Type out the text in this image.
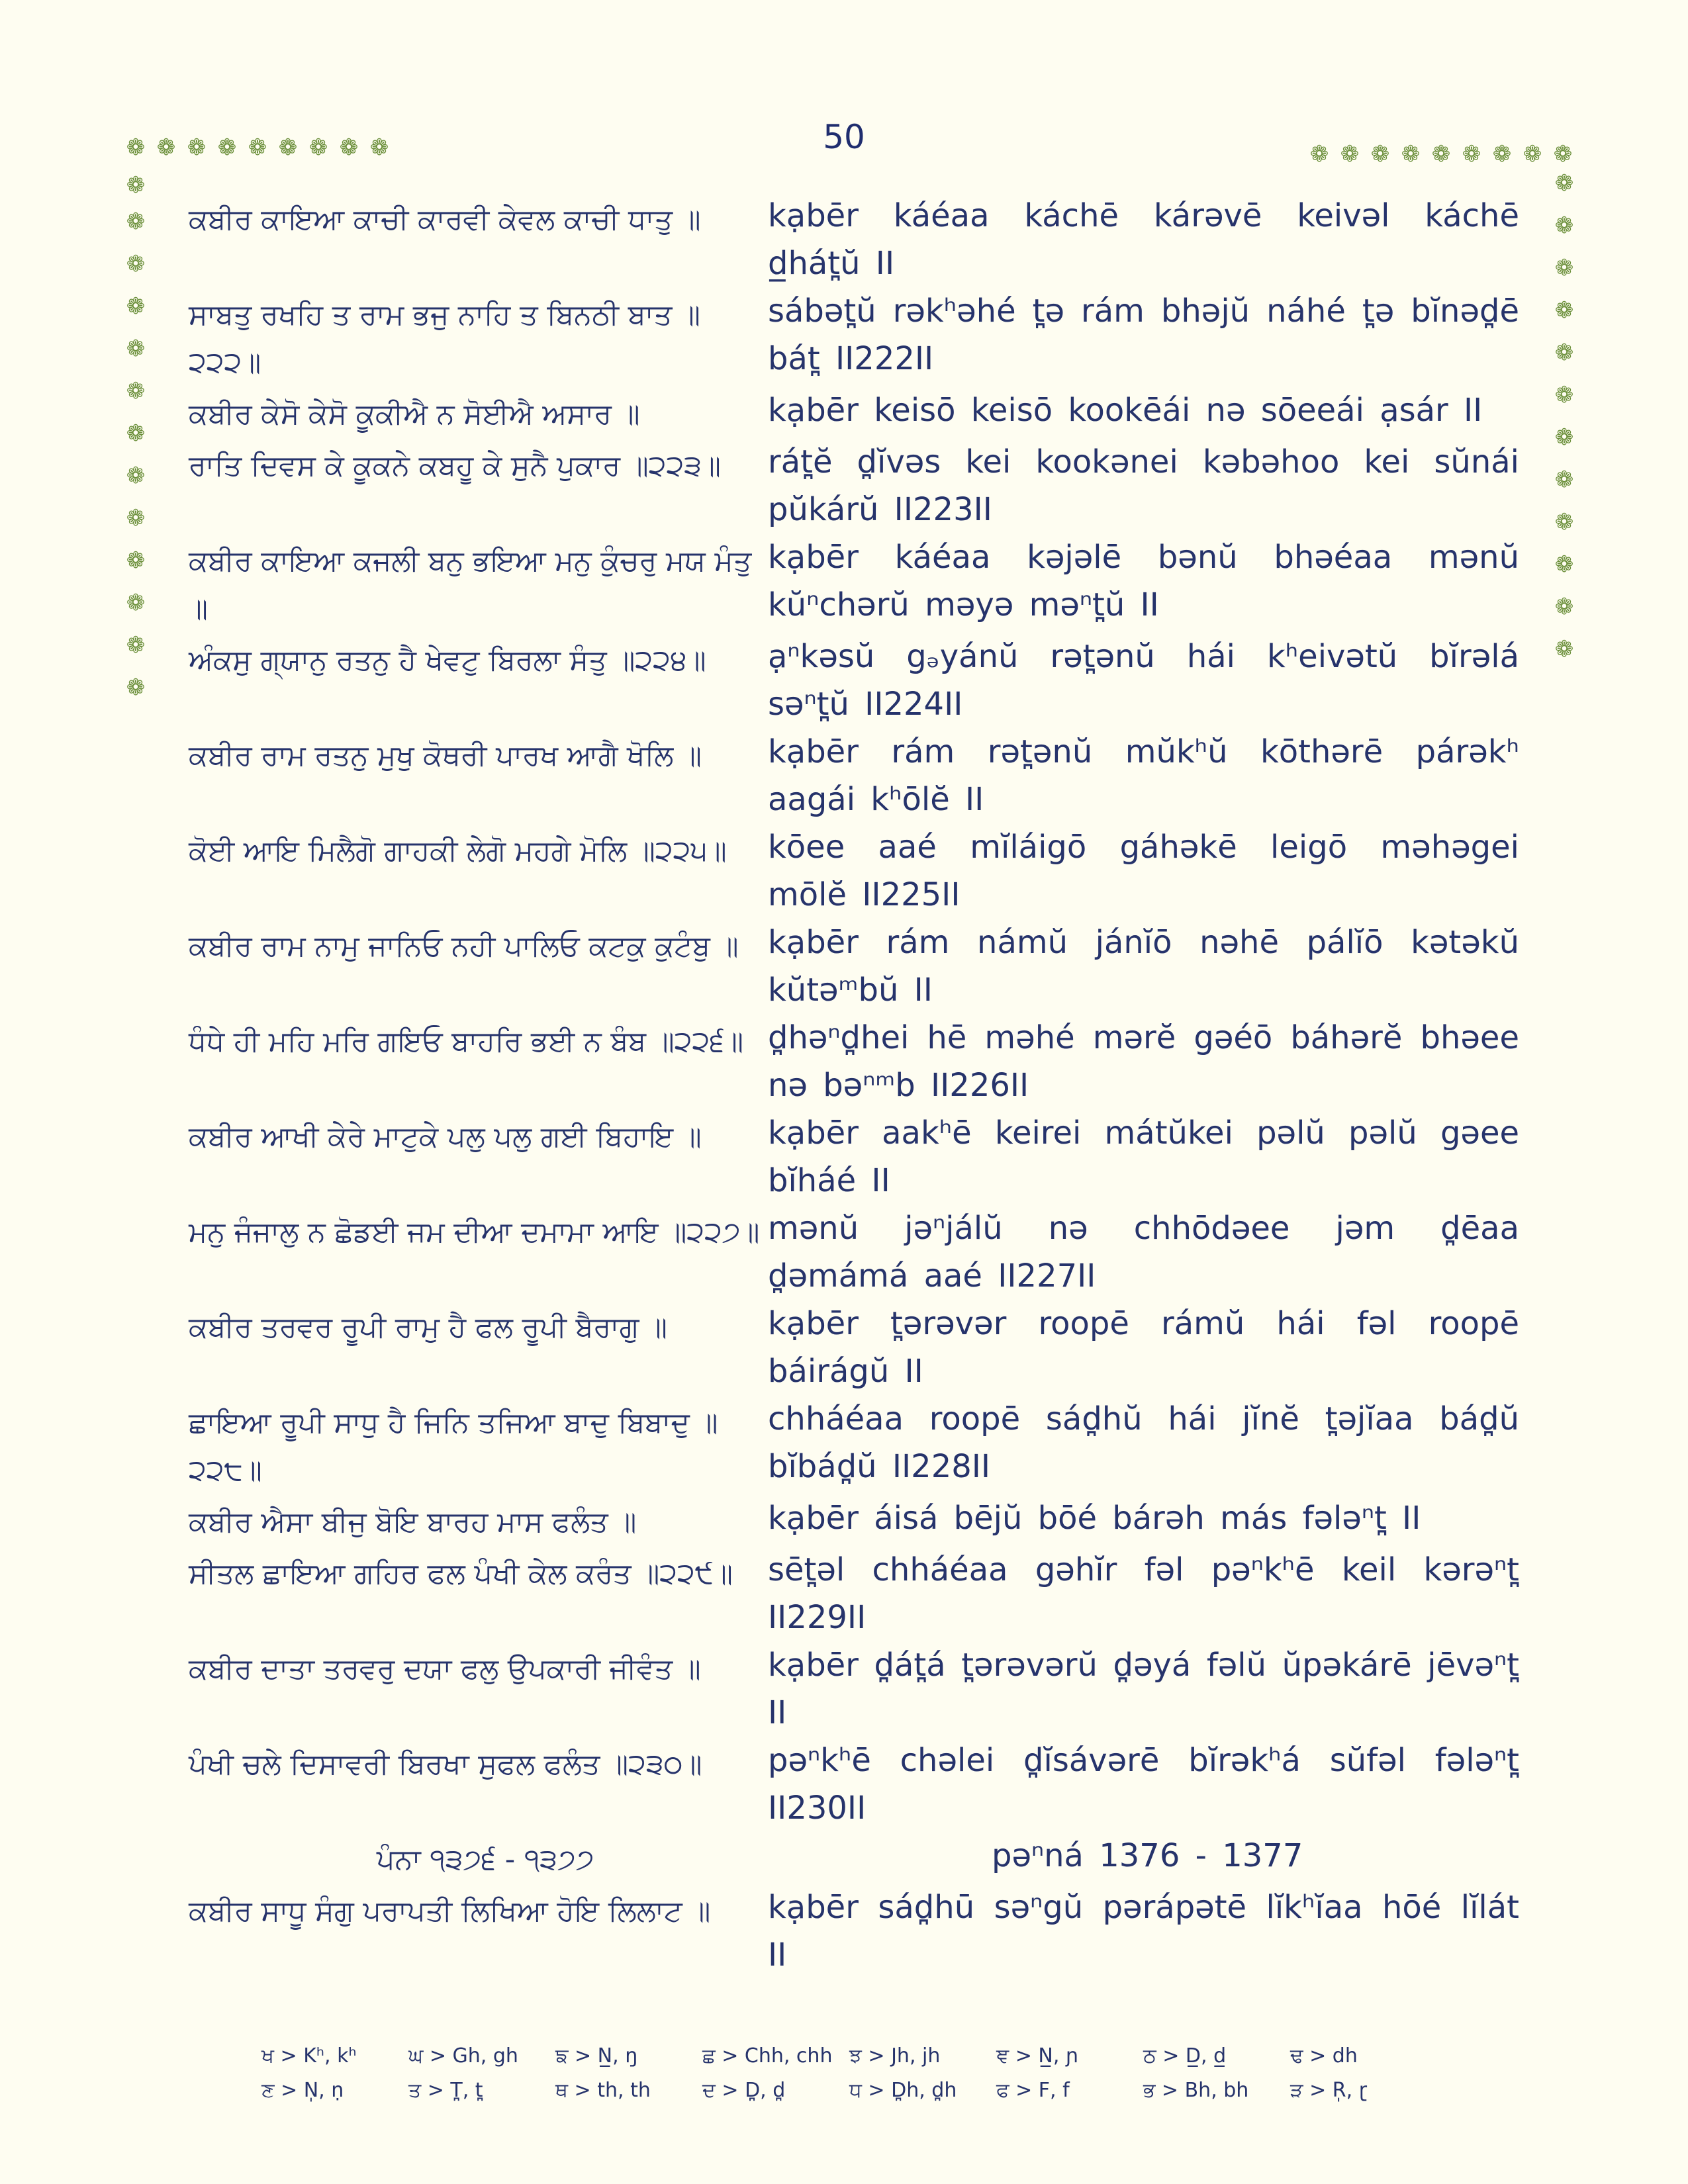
50
❁ ❁ ❁ ❁ ❁ ❁ ❁ ❁ ❁
❁
❁
❁
❁
❁
❁
❁
❁
❁
❁
❁
❁
❁
❁ ❁ ❁ ❁ ❁ ❁ ❁ ❁ ❁
❁
❁
❁
❁
❁
❁
❁
❁
❁
❁
❁
❁
ਕਬੀਰ ਕਾਇਆ ਕਾਚੀ ਕਾਰਵੀ ਕੇਵਲ ਕਾਚੀ ਧਾਤੁ ॥	kạbēr káéaa káchē kárəvē keivəl káchē d̲hát̪ŭ II
ਸਾਬਤੁ ਰਖਹਿ ਤ ਰਾਮ ਭਜੁ ਨਾਹਿ ਤ ਬਿਨਠੀ ਬਾਤ ॥੨੨੨॥
sábət̪ŭ rəkʰəhé t̪ə rám bhəjŭ náhé t̪ə bĭnəd̪ē bát̪ II222II
ਕਬੀਰ ਕੇਸੋ ਕੇਸੋ ਕੂਕੀਐ ਨ ਸੋਈਐ ਅਸਾਰ ॥	kạbēr keisō keisō kookēái nə sōeeái ạsár II
ਰਾਤਿ ਦਿਵਸ ਕੇ ਕੂਕਨੇ ਕਬਹੂ ਕੇ ਸੁਨੈ ਪੁਕਾਰ ॥੨੨੩॥	rát̪ĕ d̪ĭvəs kei kookənei kəbəhoo kei sŭnái pŭkárŭ II223II
ਕਬੀਰ ਕਾਇਆ ਕਜਲੀ ਬਨੁ ਭਇਆ ਮਨੁ ਕੁੰਚਰੁ ਮਯ ਮੰਤੁ ॥
kạbēr káéaa kəjəlē bənŭ bhəéaa mənŭ kŭⁿchərŭ məyə məⁿt̪ŭ II
ਅੰਕਸੁ ਗ੍ਯਾਨੁ ਰਤਨੁ ਹੈ ਖੇਵਟੁ ਬਿਰਲਾ ਸੰਤੁ ॥੨੨੪॥	ạⁿkəsŭ gₔyánŭ rət̪ənŭ hái kʰeivətŭ bĭrəlá səⁿt̪ŭ II224II
ਕਬੀਰ ਰਾਮ ਰਤਨੁ ਮੁਖੁ ਕੋਥਰੀ ਪਾਰਖ ਆਗੈ ਖੋਲਿ ॥	kạbēr rám rət̪ənŭ mŭkʰŭ kōthərē párəkʰ aagái kʰōlĕ II
ਕੋਈ ਆਇ ਮਿਲੈਗੋ ਗਾਹਕੀ ਲੇਗੋ ਮਹਗੇ ਮੋਲਿ ॥੨੨੫॥	kōee aaé mĭláigō gáhəkē leigō məhəgei mōlĕ II225II
ਕਬੀਰ ਰਾਮ ਨਾਮੁ ਜਾਨਿਓ ਨਹੀ ਪਾਲਿਓ ਕਟਕੁ ਕੁਟੰਬੁ ॥ kạbēr rám námŭ jánĭō nəhē pálĭō kətəkŭ kŭtəᵐbŭ II
ਧੰਧੇ ਹੀ ਮਹਿ ਮਰਿ ਗਇਓ ਬਾਹਰਿ ਭਈ ਨ ਬੰਬ ॥੨੨੬॥ d̪həⁿd̪hei hē məhé mərĕ gəéō báhərĕ bhəee nə bəⁿᵐb II226II
ਕਬੀਰ ਆਖੀ ਕੇਰੇ ਮਾਟੁਕੇ ਪਲੁ ਪਲੁ ਗਈ ਬਿਹਾਇ ॥	kạbēr aakʰē keirei mátŭkei pəlŭ pəlŭ gəee bĭháé II
ਮਨੁ ਜੰਜਾਲੁ ਨ ਛੋਡਈ ਜਮ ਦੀਆ ਦਮਾਮਾ ਆਇ ॥੨੨੭॥ mənŭ jəⁿjálŭ nə chhōdəee jəm d̪ēaa d̪əmámá aaé II227II
ਕਬੀਰ ਤਰਵਰ ਰੂਪੀ ਰਾਮੁ ਹੈ ਫਲ ਰੂਪੀ ਬੈਰਾਗੁ ॥	kạbēr t̪ərəvər roopē rámŭ hái fəl roopē báirágŭ II
ਛਾਇਆ ਰੂਪੀ ਸਾਧੁ ਹੈ ਜਿਨਿ ਤਜਿਆ ਬਾਦੁ ਬਿਬਾਦੁ ॥੨੨੮॥
chháéaa roopē sád̪hŭ hái jĭnĕ t̪əjĭaa bád̪ŭ bĭbád̪ŭ II228II
ਕਬੀਰ ਐਸਾ ਬੀਜੁ ਬੋਇ ਬਾਰਹ ਮਾਸ ਫਲੰਤ ॥	kạbēr áisá bējŭ bōé bárəh más fələⁿt̪ II
ਸੀਤਲ ਛਾਇਆ ਗਹਿਰ ਫਲ ਪੰਖੀ ਕੇਲ ਕਰੰਤ ॥੨੨੯॥	sēt̪əl chháéaa gəhĭr fəl pəⁿkʰē keil kərəⁿt̪ II229II
ਕਬੀਰ ਦਾਤਾ ਤਰਵਰੁ ਦਯਾ ਫਲੁ ਉਪਕਾਰੀ ਜੀਵੰਤ ॥	kạbēr d̪át̪á t̪ərəvərŭ d̪əyá fəlŭ ŭpəkárē jēvəⁿt̪ II
ਪੰਖੀ ਚਲੇ ਦਿਸਾਵਰੀ ਬਿਰਖਾ ਸੁਫਲ ਫਲੰਤ ॥੨੩੦॥	pəⁿkʰē chəlei d̪ĭsávərē bĭrəkʰá sŭfəl fələⁿt̪ II230II
ਪੰਨਾ ੧੩੭੬ - ੧੩੭੭	pəⁿná 1376 - 1377
ਕਬੀਰ ਸਾਧੂ ਸੰਗੁ ਪਰਾਪਤੀ ਲਿਖਿਆ ਹੋਇ ਲਿਲਾਟ ॥	kạbēr sád̪hū səⁿgŭ pərápətē lĭkʰĭaa hōé lĭlát II
ਖ > Kʰ, kʰ	ਘ > Gh, gh	ਙ > N̲, ŋ	ਛ > Chh, chh ਝ > Jh, jh	ਞ > N̲, ɲ	ਠ > D̲, d̲	ਢ > dh
ਣ > N̩, ṇ	ਤ > T̪, t̪	ਥ > th, th	ਦ > D̪, d̪	ਧ > D̪h, d̪h	ਫ > F, f	ਭ > Bh, bh	ੜ > R̩, ɽ
